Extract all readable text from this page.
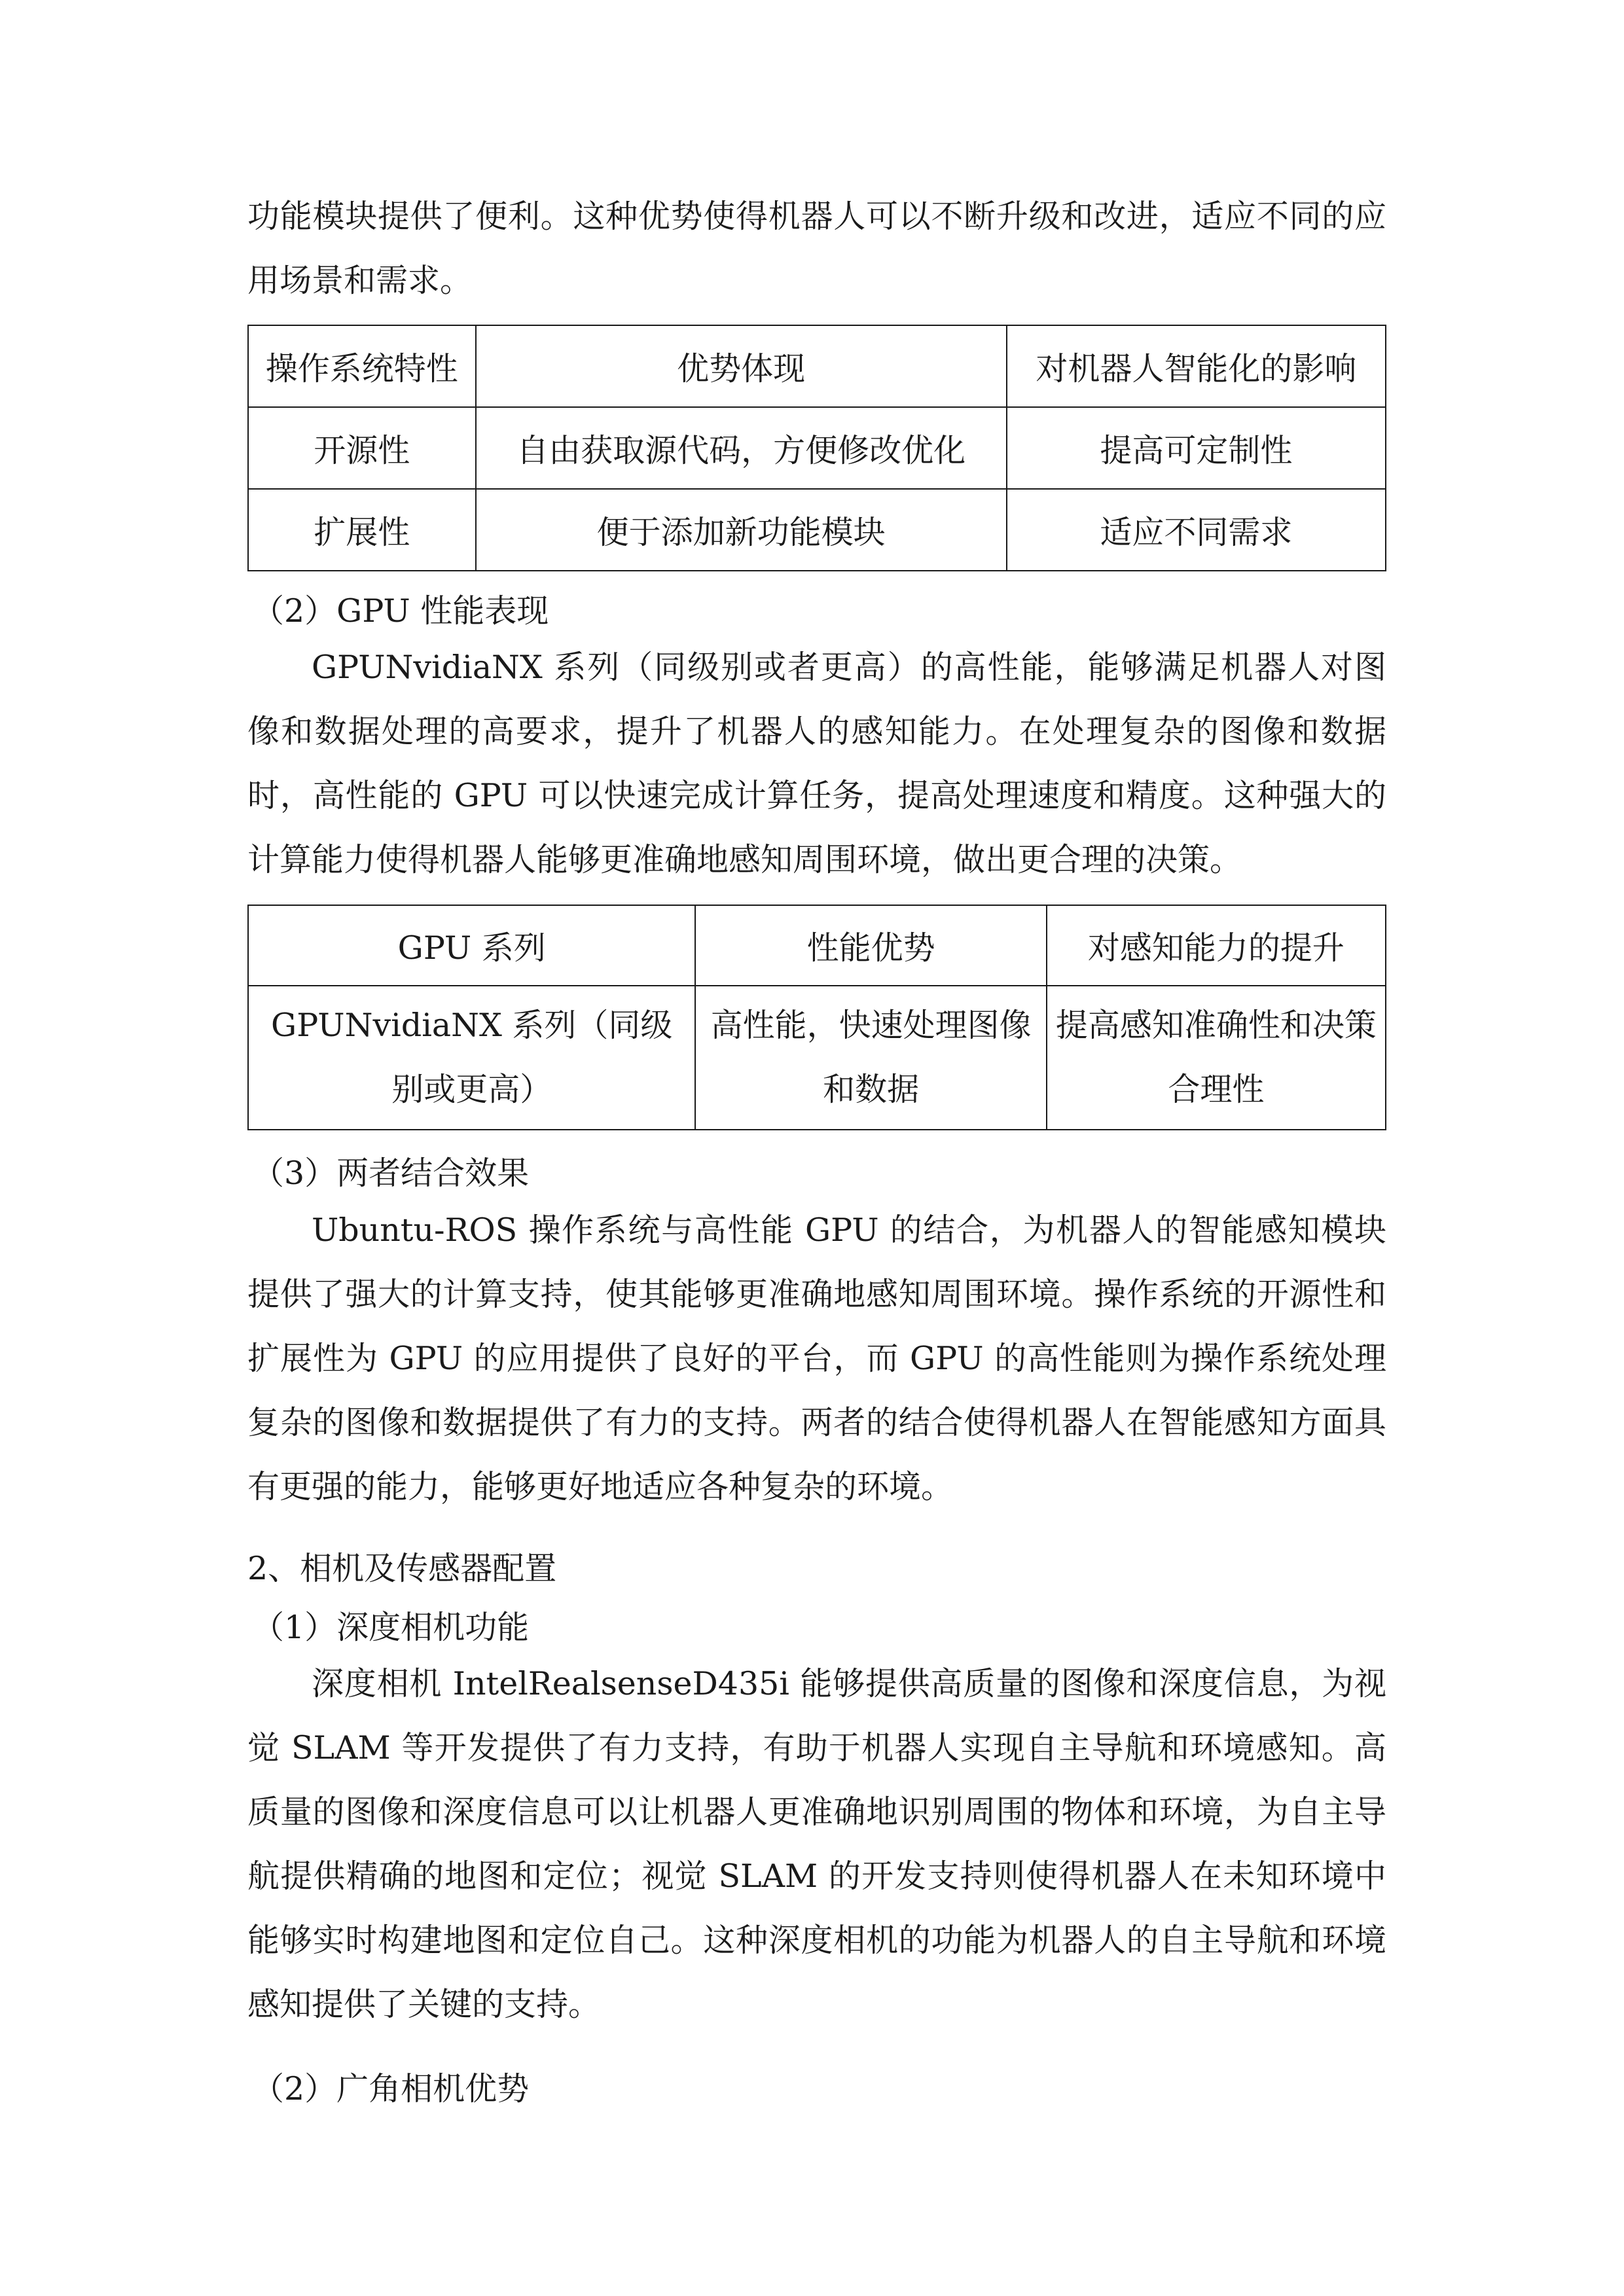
功能模块提供了便利。这种优势使得机器人可以不断升级和改进，适应不同的应用场景和需求。

操作系统特性	优势体现	对机器人智能化的影响
开源性	自由获取源代码，方便修改优化	提高可定制性
扩展性	便于添加新功能模块	适应不同需求

（2）GPU 性能表现

GPUNvidiaNX 系列（同级别或者更高）的高性能，能够满足机器人对图像和数据处理的高要求，提升了机器人的感知能力。在处理复杂的图像和数据时，高性能的 GPU 可以快速完成计算任务，提高处理速度和精度。这种强大的计算能力使得机器人能够更准确地感知周围环境，做出更合理的决策。

GPU 系列	性能优势	对感知能力的提升
GPUNvidiaNX 系列（同级别或更高）	高性能，快速处理图像和数据	提高感知准确性和决策合理性

（3）两者结合效果

Ubuntu-ROS 操作系统与高性能 GPU 的结合，为机器人的智能感知模块提供了强大的计算支持，使其能够更准确地感知周围环境。操作系统的开源性和扩展性为 GPU 的应用提供了良好的平台，而 GPU 的高性能则为操作系统处理复杂的图像和数据提供了有力的支持。两者的结合使得机器人在智能感知方面具有更强的能力，能够更好地适应各种复杂的环境。

2、相机及传感器配置

（1）深度相机功能

深度相机 IntelRealsenseD435i 能够提供高质量的图像和深度信息，为视觉 SLAM 等开发提供了有力支持，有助于机器人实现自主导航和环境感知。高质量的图像和深度信息可以让机器人更准确地识别周围的物体和环境，为自主导航提供精确的地图和定位；视觉 SLAM 的开发支持则使得机器人在未知环境中能够实时构建地图和定位自己。这种深度相机的功能为机器人的自主导航和环境感知提供了关键的支持。

（2）广角相机优势
